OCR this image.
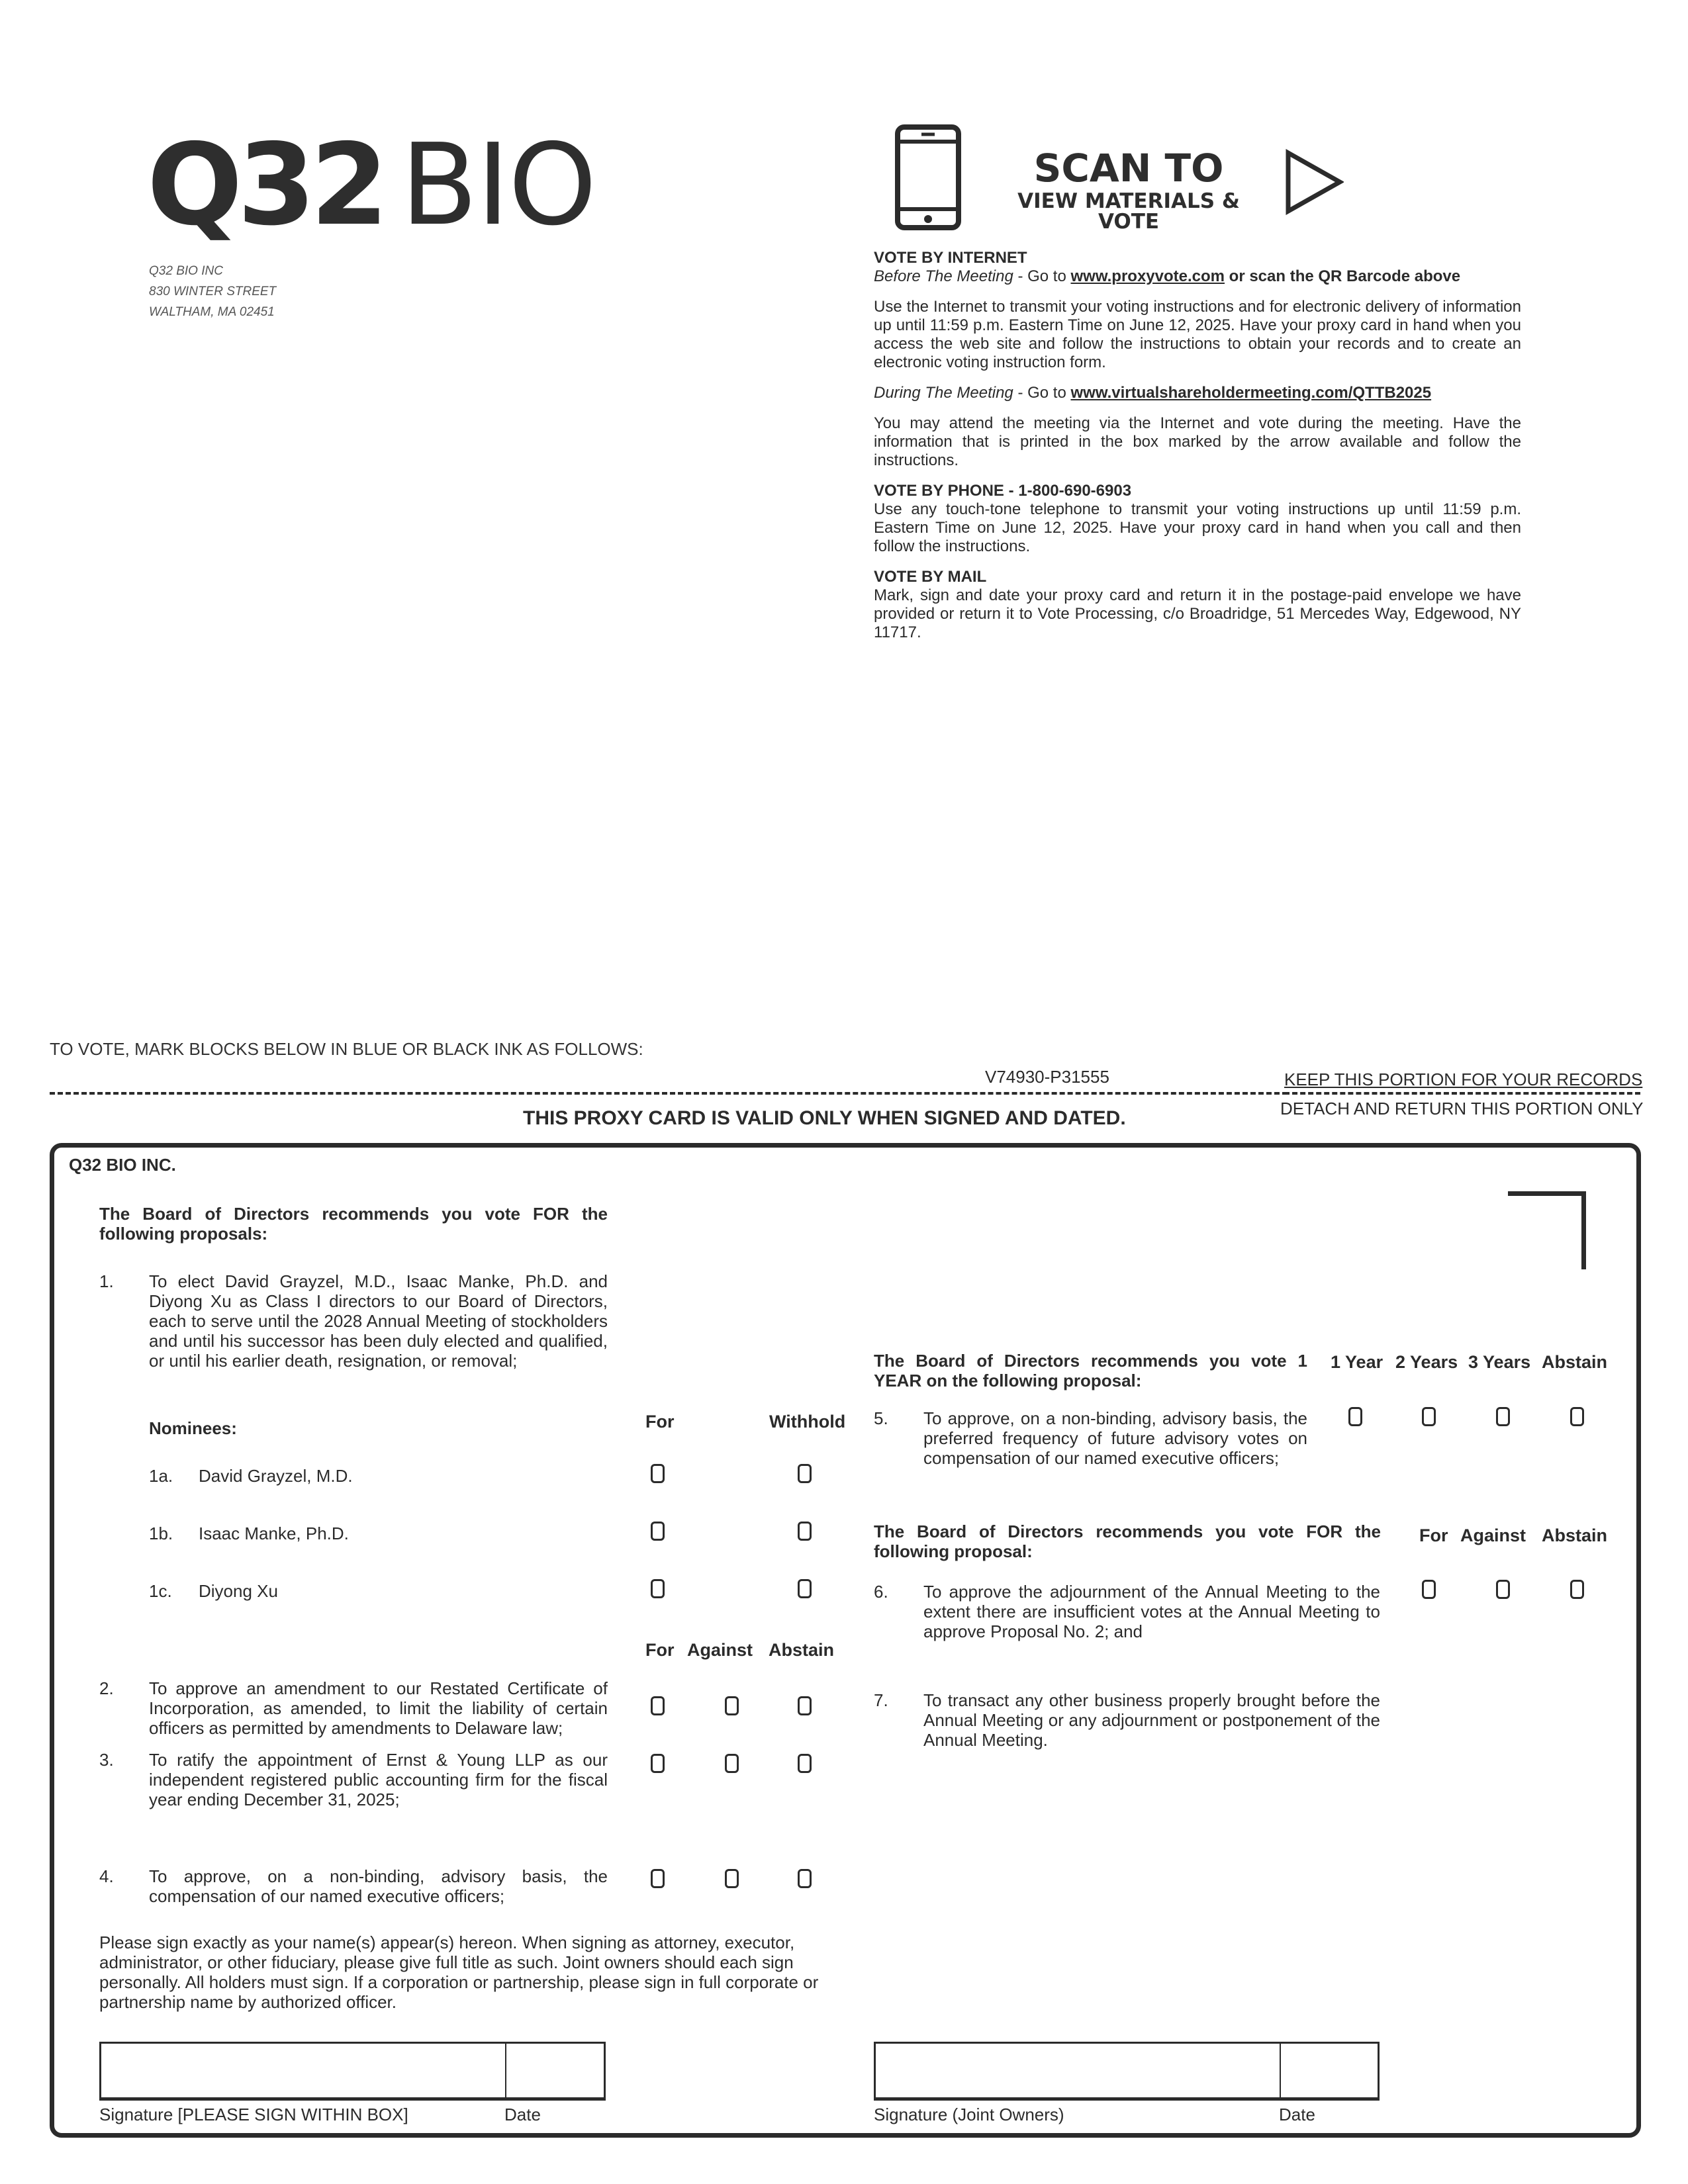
Q32 BIO
Q32 BIO INC
830 WINTER STREET
WALTHAM, MA 02451
SCAN TO
VIEW MATERIALS & VOTE
VOTE BY INTERNET
Before The Meeting - Go to www.proxyvote.com or scan the QR Barcode above
Use the Internet to transmit your voting instructions and for electronic delivery of information up until 11:59 p.m. Eastern Time on June 12, 2025. Have your proxy card in hand when you access the web site and follow the instructions to obtain your records and to create an electronic voting instruction form.
During The Meeting - Go to www.virtualshareholdermeeting.com/QTTB2025
You may attend the meeting via the Internet and vote during the meeting. Have the information that is printed in the box marked by the arrow available and follow the instructions.
VOTE BY PHONE - 1-800-690-6903
Use any touch-tone telephone to transmit your voting instructions up until 11:59 p.m. Eastern Time on June 12, 2025. Have your proxy card in hand when you call and then follow the instructions.
VOTE BY MAIL
Mark, sign and date your proxy card and return it in the postage-paid envelope we have provided or return it to Vote Processing, c/o Broadridge, 51 Mercedes Way, Edgewood, NY 11717.
TO VOTE, MARK BLOCKS BELOW IN BLUE OR BLACK INK AS FOLLOWS:
V74930-P31555	KEEP THIS PORTION FOR YOUR RECORDS
DETACH AND RETURN THIS PORTION ONLY
THIS PROXY CARD IS VALID ONLY WHEN SIGNED AND DATED.
Q32 BIO INC.
The Board of Directors recommends you vote FOR the following proposals:
1. To elect David Grayzel, M.D., Isaac Manke, Ph.D. and Diyong Xu as Class I directors to our Board of Directors, each to serve until the 2028 Annual Meeting of stockholders and until his successor has been duly elected and qualified, or until his earlier death, resignation, or removal;
Nominees:	For	Withhold
1a. David Grayzel, M.D.
1b. Isaac Manke, Ph.D.
1c. Diyong Xu
For Against Abstain
2. To approve an amendment to our Restated Certificate of Incorporation, as amended, to limit the liability of certain officers as permitted by amendments to Delaware law;
3. To ratify the appointment of Ernst & Young LLP as our independent registered public accounting firm for the fiscal year ending December 31, 2025;
4. To approve, on a non-binding, advisory basis, the compensation of our named executive officers;
Please sign exactly as your name(s) appear(s) hereon. When signing as attorney, executor, administrator, or other fiduciary, please give full title as such. Joint owners should each sign personally. All holders must sign. If a corporation or partnership, please sign in full corporate or partnership name by authorized officer.
Signature [PLEASE SIGN WITHIN BOX]	Date	Signature (Joint Owners)	Date
The Board of Directors recommends you vote 1 YEAR on the following proposal:
1 Year 2 Years 3 Years Abstain
5. To approve, on a non-binding, advisory basis, the preferred frequency of future advisory votes on compensation of our named executive officers;
The Board of Directors recommends you vote FOR the following proposal:
For Against Abstain
6. To approve the adjournment of the Annual Meeting to the extent there are insufficient votes at the Annual Meeting to approve Proposal No. 2; and
7. To transact any other business properly brought before the Annual Meeting or any adjournment or postponement of the Annual Meeting.
